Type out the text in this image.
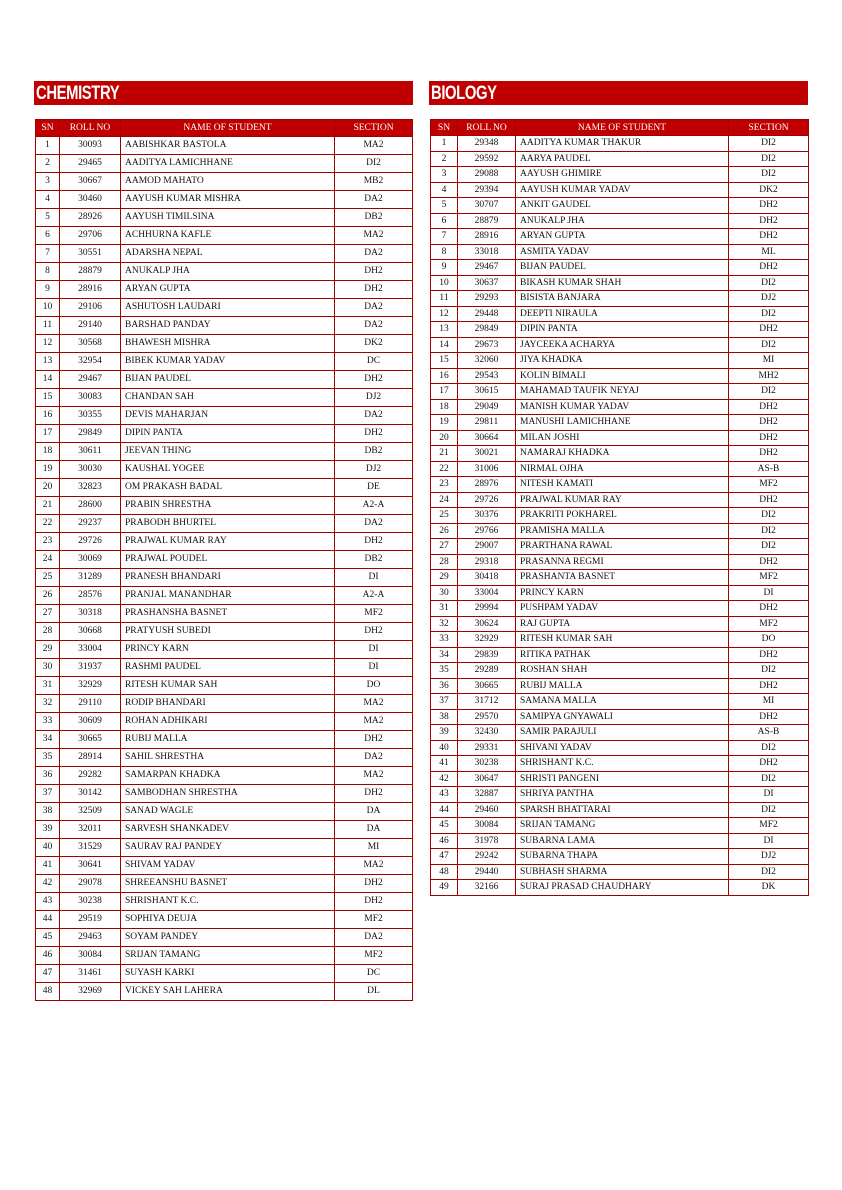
CHEMISTRY
SN	ROLL NO	NAME OF STUDENT	SECTION
1	30093	AABISHKAR BASTOLA	MA2
2	29465	AADITYA LAMICHHANE	DI2
3	30667	AAMOD MAHATO	MB2
4	30460	AAYUSH KUMAR MISHRA	DA2
5	28926	AAYUSH TIMILSINA	DB2
6	29706	ACHHURNA KAFLE	MA2
7	30551	ADARSHA NEPAL	DA2
8	28879	ANUKALP JHA	DH2
9	28916	ARYAN GUPTA	DH2
10	29106	ASHUTOSH LAUDARI	DA2
11	29140	BARSHAD PANDAY	DA2
12	30568	BHAWESH MISHRA	DK2
13	32954	BIBEK KUMAR YADAV	DC
14	29467	BIJAN PAUDEL	DH2
15	30083	CHANDAN SAH	DJ2
16	30355	DEVIS MAHARJAN	DA2
17	29849	DIPIN PANTA	DH2
18	30611	JEEVAN THING	DB2
19	30030	KAUSHAL YOGEE	DJ2
20	32823	OM PRAKASH BADAL	DE
21	28600	PRABIN SHRESTHA	A2-A
22	29237	PRABODH BHURTEL	DA2
23	29726	PRAJWAL KUMAR RAY	DH2
24	30069	PRAJWAL POUDEL	DB2
25	31289	PRANESH BHANDARI	DI
26	28576	PRANJAL MANANDHAR	A2-A
27	30318	PRASHANSHA BASNET	MF2
28	30668	PRATYUSH SUBEDI	DH2
29	33004	PRINCY KARN	DI
30	31937	RASHMI PAUDEL	DI
31	32929	RITESH KUMAR SAH	DO
32	29110	RODIP BHANDARI	MA2
33	30609	ROHAN ADHIKARI	MA2
34	30665	RUBIJ MALLA	DH2
35	28914	SAHIL SHRESTHA	DA2
36	29282	SAMARPAN KHADKA	MA2
37	30142	SAMBODHAN SHRESTHA	DH2
38	32509	SANAD WAGLE	DA
39	32011	SARVESH SHANKADEV	DA
40	31529	SAURAV RAJ PANDEY	MI
41	30641	SHIVAM YADAV	MA2
42	29078	SHREEANSHU BASNET	DH2
43	30238	SHRISHANT K.C.	DH2
44	29519	SOPHIYA DEUJA	MF2
45	29463	SOYAM PANDEY	DA2
46	30084	SRIJAN TAMANG	MF2
47	31461	SUYASH KARKI	DC
48	32969	VICKEY SAH LAHERA	DL
BIOLOGY
SN	ROLL NO	NAME OF STUDENT	SECTION
1	29348	AADITYA KUMAR THAKUR	DI2
2	29592	AARYA PAUDEL	DI2
3	29088	AAYUSH GHIMIRE	DI2
4	29394	AAYUSH KUMAR YADAV	DK2
5	30707	ANKIT GAUDEL	DH2
6	28879	ANUKALP JHA	DH2
7	28916	ARYAN GUPTA	DH2
8	33018	ASMITA YADAV	ML
9	29467	BIJAN PAUDEL	DH2
10	30637	BIKASH KUMAR SHAH	DI2
11	29293	BISISTA BANJARA	DJ2
12	29448	DEEPTI NIRAULA	DI2
13	29849	DIPIN PANTA	DH2
14	29673	JAYCEEKA ACHARYA	DI2
15	32060	JIYA KHADKA	MI
16	29543	KOLIN BIMALI	MH2
17	30615	MAHAMAD TAUFIK NEYAJ	DI2
18	29049	MANISH KUMAR YADAV	DH2
19	29811	MANUSHI LAMICHHANE	DH2
20	30664	MILAN JOSHI	DH2
21	30021	NAMARAJ KHADKA	DH2
22	31006	NIRMAL OJHA	AS-B
23	28976	NITESH KAMATI	MF2
24	29726	PRAJWAL KUMAR RAY	DH2
25	30376	PRAKRITI POKHAREL	DI2
26	29766	PRAMISHA MALLA	DI2
27	29007	PRARTHANA RAWAL	DI2
28	29318	PRASANNA REGMI	DH2
29	30418	PRASHANTA BASNET	MF2
30	33004	PRINCY KARN	DI
31	29994	PUSHPAM YADAV	DH2
32	30624	RAJ GUPTA	MF2
33	32929	RITESH KUMAR SAH	DO
34	29839	RITIKA PATHAK	DH2
35	29289	ROSHAN SHAH	DI2
36	30665	RUBIJ MALLA	DH2
37	31712	SAMANA MALLA	MI
38	29570	SAMIPYA GNYAWALI	DH2
39	32430	SAMIR PARAJULI	AS-B
40	29331	SHIVANI YADAV	DI2
41	30238	SHRISHANT K.C.	DH2
42	30647	SHRISTI PANGENI	DI2
43	32887	SHRIYA PANTHA	DI
44	29460	SPARSH BHATTARAI	DI2
45	30084	SRIJAN TAMANG	MF2
46	31978	SUBARNA LAMA	DI
47	29242	SUBARNA THAPA	DJ2
48	29440	SUBHASH SHARMA	DI2
49	32166	SURAJ PRASAD CHAUDHARY	DK
